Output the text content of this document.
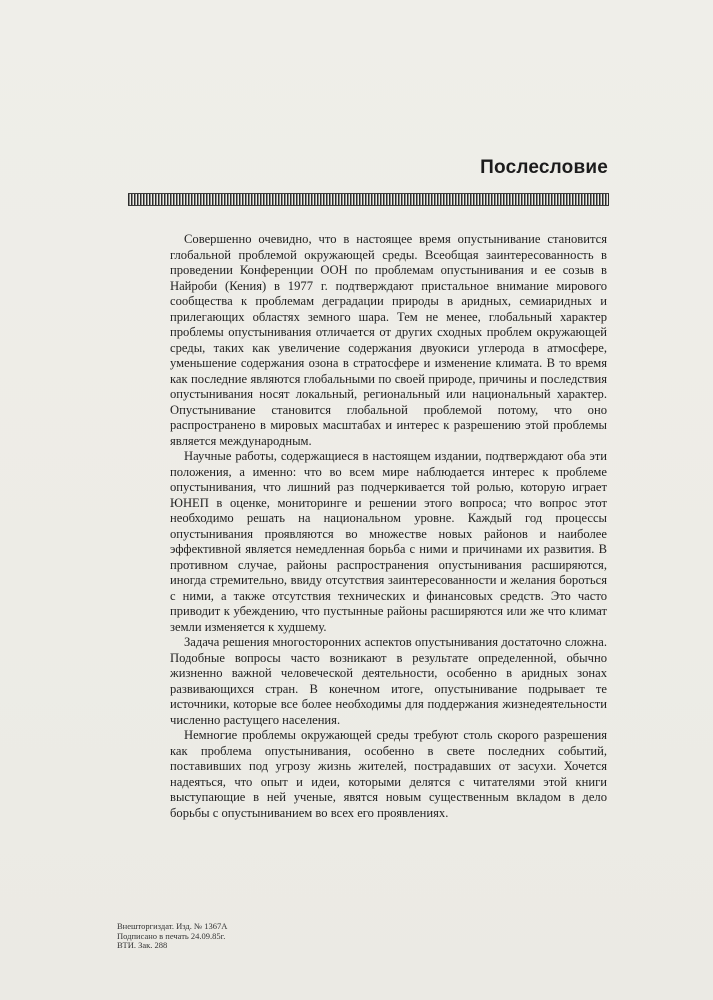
Послесловие

Совершенно очевидно, что в настоящее время опустынивание становится глобальной проблемой окружающей среды. Всеобщая заинтересованность в проведении Конференции ООН по проблемам опустынивания и ее созыв в Найроби (Кения) в 1977 г. подтверждают пристальное внимание мирового сообщества к проблемам деградации природы в аридных, семиаридных и прилегающих областях земного шара. Тем не менее, глобальный характер проблемы опустынивания отличается от других сходных проблем окружающей среды, таких как увеличение содержания двуокиси углерода в атмосфере, уменьшение содержания озона в стратосфере и изменение климата. В то время как последние являются глобальными по своей природе, причины и последствия опустынивания носят локальный, региональный или национальный характер. Опустынивание становится глобальной проблемой потому, что оно распространено в мировых масштабах и интерес к разрешению этой проблемы является международным.

Научные работы, содержащиеся в настоящем издании, подтверждают оба эти положения, а именно: что во всем мире наблюдается интерес к проблеме опустынивания, что лишний раз подчеркивается той ролью, которую играет ЮНЕП в оценке, мониторинге и решении этого вопроса; что вопрос этот необходимо решать на национальном уровне. Каждый год процессы опустынивания проявляются во множестве новых районов и наиболее эффективной является немедленная борьба с ними и причинами их развития. В противном случае, районы распространения опустынивания расширяются, иногда стремительно, ввиду отсутствия заинтересованности и желания бороться с ними, а также отсутствия технических и финансовых средств. Это часто приводит к убеждению, что пустынные районы расширяются или же что климат земли изменяется к худшему.

Задача решения многосторонних аспектов опустынивания достаточно сложна. Подобные вопросы часто возникают в результате определенной, обычно жизненно важной человеческой деятельности, особенно в аридных зонах развивающихся стран. В конечном итоге, опустынивание подрывает те источники, которые все более необходимы для поддержания жизнедеятельности численно растущего населения.

Немногие проблемы окружающей среды требуют столь скорого разрешения как проблема опустынивания, особенно в свете последних событий, поставивших под угрозу жизнь жителей, пострадавших от засухи. Хочется надеяться, что опыт и идеи, которыми делятся с читателями этой книги выступающие в ней ученые, явятся новым существенным вкладом в дело борьбы с опустыниванием во всех его проявлениях.

Внешторгиздат. Изд. № 1367А
Подписано в печать 24.09.85г.
ВТИ. Зак. 288
